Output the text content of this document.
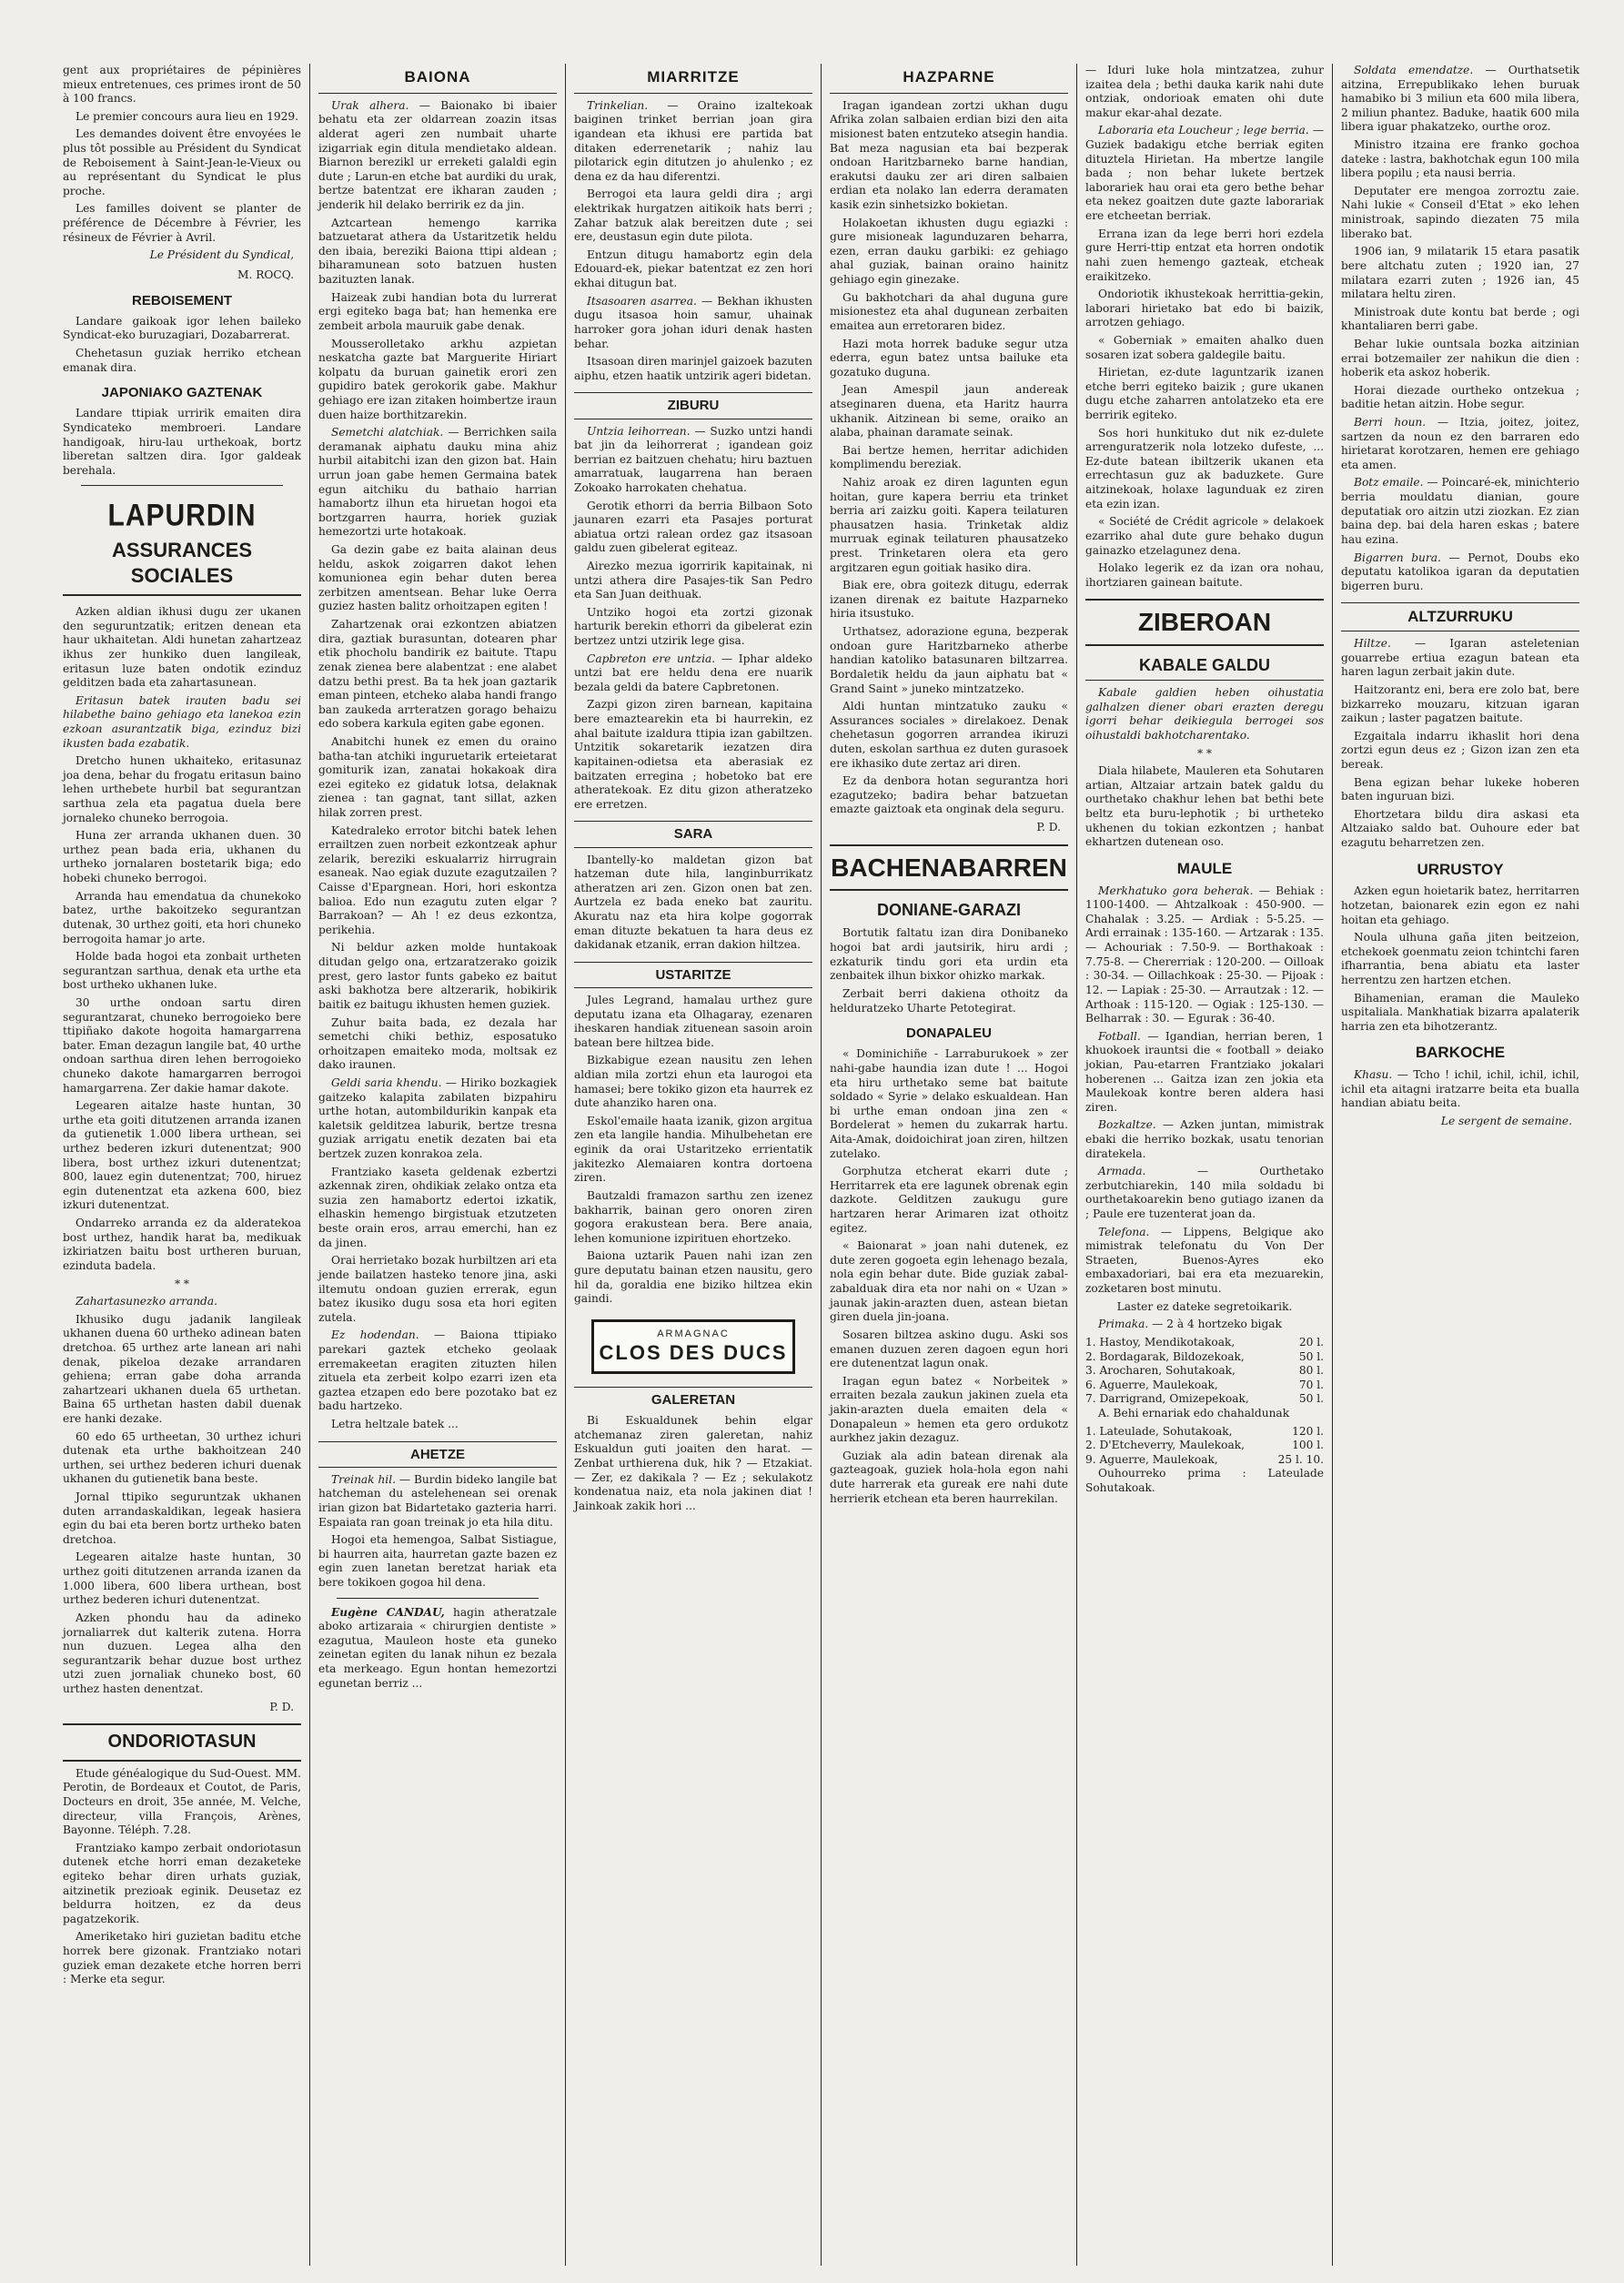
gent aux propriétaires de pépinières mieux entretenues, ces primes iront de 50 à 100 francs.

Le premier concours aura lieu en 1929.

Les demandes doivent être envoyées le plus tôt possible au Président du Syndicat de Reboisement à Saint-Jean-le-Vieux ou au représentant du Syndicat le plus proche.

Les familles doivent se planter de préférence de Décembre à Février, les résineux de Février à Avril.

Le Président du Syndical,
M. ROCQ.
REBOISEMENT

Landare gaikoak igor lehen baileko Syndicat-eko buruzagiari, Dozabarrerat.

Chehetasun guziak herriko etchean emanak dira.

JAPONIAKO GAZTENAK

Landare ttipiak urririk emaiten dira Syndicateko membroeri. Landare handigoak, hiru-lau urthekoak, bortz liberetan saltzen dira. Igor galdeak berehala.

LAPURDIN
ASSURANCES SOCIALES

Azken aldian ikhusi dugu zer ukanen den seguruntzatik; eritzen denean eta haur ukhaitetan. Aldi hunetan zahartzeaz ikhus zer hunkiko duen langileak, eritasun luze baten ondotik ezinduz gelditzen bada eta zahartasunean.

Eritasun batek irauten badu sei hilabethe baino gehiago eta lanekoa ezin ezkoan asurantzatik biga, ezinduz bizi ikusten bada ezabatik.

Dretcho hunen ukhaiteko, eritasunaz joa dena, behar du frogatu eritasun baino lehen urthebete hurbil bat segurantzan sarthua zela eta pagatua duela bere jornaleko chuneko berrogoia.

Huna zer arranda ukhanen duen. 30 urthez pean bada eria, ukhanen du urtheko jornalaren bostetarik biga; edo hobeki chuneko berrogoi.

Arranda hau emendatua da chunekoko batez, urthe bakoitzeko segurantzan dutenak, 30 urthez goiti, eta hori chuneko berrogoita hamar jo arte.

Holde bada hogoi eta zonbait urtheten segurantzan sarthua, denak eta urthe eta bost urtheko ukhanen luke.

30 urthe ondoan sartu diren segurantzarat, chuneko berrogoieko bere ttipiñako dakote hogoita hamargarrena bater. Eman dezagun langile bat, 40 urthe ondoan sarthua diren lehen berrogoieko chuneko dakote hamargarren berrogoi hamargarrena. Zer dakie hamar dakote.

Legearen aitalze haste huntan, 30 urthe eta goiti ditutzenen arranda izanen da gutienetik 1.000 libera urthean, sei urthez bederen izkuri dutenentzat; 900 libera, bost urthez izkuri dutenentzat; 800, lauez egin dutenentzat; 700, hiruez egin dutenentzat eta azkena 600, biez izkuri dutenentzat.

Ondarreko arranda ez da alderatekoa bost urthez, handik harat ba, medikuak izkiriatzen baitu bost urtheren buruan, ezinduta badela.

* *

Zahartasunezko arranda.

Ikhusiko dugu jadanik langileak ukhanen duena 60 urtheko adinean baten dretchoa. 65 urthez arte lanean ari nahi denak, pikeloa dezake arrandaren gehiena; erran gabe doha arranda zahartzeari ukhanen duela 65 urthetan. Baina 65 urthetan hasten dabil duenak ere hanki dezake.

60 edo 65 urtheetan, 30 urthez ichuri dutenak eta urthe bakhoitzean 240 urthen, sei urthez bederen ichuri duenak ukhanen du gutienetik bana beste.

Jornal ttipiko seguruntzak ukhanen duten arrandaskaldikan, legeak hasiera egin du bai eta beren bortz urtheko baten dretchoa.

Legearen aitalze haste huntan, 30 urthez goiti ditutzenen arranda izanen da 1.000 libera, 600 libera urthean, bost urthez bederen ichuri dutenentzat.

Azken phondu hau da adineko jornaliarrek dut kalterik zutena. Horra nun duzuen. Legea alha den segurantzarik behar duzue bost urthez utzi zuen jornaliak chuneko bost, 60 urthez hasten denentzat.

P. D.
ONDORIOTASUN

Etude généalogique du Sud-Ouest. MM. Perotin, de Bordeaux et Coutot, de Paris, Docteurs en droit, 35e année, M. Velche, directeur, villa François, Arènes, Bayonne. Téléph. 7.28.

Frantziako kampo zerbait ondoriotasun dutenek etche horri eman dezaketeke egiteko behar diren urhats guziak, aitzinetik prezioak eginik. Deusetaz ez beldurra hoitzen, ez da deus pagatzekorik.

Ameriketako hiri guzietan baditu etche horrek bere gizonak. Frantziako notari guziek eman dezakete etche horren berri : Merke eta segur.

BAIONA

Urak alhera. — Baionako bi ibaier behatu eta zer oldarrean zoazin itsas alderat ageri zen numbait uharte izigarriak egin ditula mendietako aldean. Biarnon berezikl ur erreketi galaldi egin dute ; Larun-en etche bat aurdiki du urak, bertze batentzat ere ikharan zauden ; jenderik hil delako berririk ez da jin.

Aztcartean hemengo karrika batzuetarat athera da Ustaritzetik heldu den ibaia, bereziki Baiona ttipi aldean ; biharamunean soto batzuen husten bazituzten lanak.

Haizeak zubi handian bota du lurrerat ergi egiteko baga bat; han hemenka ere zembeit arbola mauruik gabe denak.

Mousserolletako arkhu azpietan neskatcha gazte bat Marguerite Hiriart kolpatu da buruan gainetik erori zen gupidiro batek gerokorik gabe. Makhur gehiago ere izan zitaken hoimbertze iraun duen haize borthitzarekin.

Semetchi alatchiak. — Berrichken saila deramanak aiphatu dauku mina ahiz hurbil aitabitchi izan den gizon bat. Hain urrun joan gabe hemen Germaina batek egun aitchiku du bathaio harrian hamabortz ilhun eta hiruetan hogoi eta bortzgarren haurra, horiek guziak hemezortzi urte hotakoak.

Ga dezin gabe ez baita alainan deus heldu, askok zoigarren dakot lehen komunionea egin behar duten berea zerbitzen amentsean. Behar luke Oerra guziez hasten balitz orhoitzapen egiten !

Zahartzenak orai ezkontzen abiatzen dira, gaztiak burasuntan, dotearen phar etik phocholu bandirik ez baitute. Ttapu zenak zienea bere alabentzat : ene alabet datzu bethi prest. Ba ta hek joan gaztarik eman pinteen, etcheko alaba handi frango ban zaukeda arrteratzen gorago behaizu edo sobera karkula egiten gabe egonen.

Anabitchi hunek ez emen du oraino batha-tan atchiki inguruetarik erteietarat gomiturik izan, zanatai hokakoak dira ezei egiteko ez gidatuk lotsa, delaknak zienea : tan gagnat, tant sillat, azken hilak zorren prest.

Katedraleko errotor bitchi batek lehen errailtzen zuen norbeit ezkontzeak aphur zelarik, bereziki eskualarriz hirrugrain esaneak. Nao egiak duzute ezagutzailen ? Caisse d'Epargnean. Hori, hori eskontza balioa. Edo nun ezagutu zuten elgar ? Barrakoan? — Ah ! ez deus ezkontza, perikehia.

Ni beldur azken molde huntakoak ditudan gelgo ona, ertzaratzerako goizik prest, gero lastor funts gabeko ez baitut aski bakhotza bere altzerarik, hobikirik baitik ez baitugu ikhusten hemen guziek.

Zuhur baita bada, ez dezala har semetchi chiki bethiz, esposatuko orhoitzapen emaiteko moda, moltsak ez dako iraunen.

Geldi saria khendu. — Hiriko bozkagiek gaitzeko kalapita zabilaten bizpahiru urthe hotan, autombildurikin kanpak eta kaletsik gelditzea laburik, bertze tresna guziak arrigatu enetik dezaten bai eta bertzek zuzen konrakoa zela.

Frantziako kaseta geldenak ezbertzi azkennak ziren, ohdikiak zelako ontza eta suzia zen hamabortz edertoi izkatik, elhaskin hemengo birgistuak etzutzeten beste orain eros, arrau emerchi, han ez da jinen.

Orai herrietako bozak hurbiltzen ari eta jende bailatzen hasteko tenore jina, aski iltemutu ondoan guzien errerak, egun batez ikusiko dugu sosa eta hori egiten zutela.

Ez hodendan. — Baiona ttipiako parekari gaztek etcheko geolaak erremakeetan eragiten zituzten hilen zituela eta zerbeit kolpo ezarri izen eta gaztea etzapen edo bere pozotako bat ez badu hartzeko.

Letra heltzale batek ...

AHETZE

Treinak hil. — Burdin bideko langile bat hatcheman du astelehenean sei orenak irian gizon bat Bidartetako gazteria harri. Espaiata ran goan treinak jo eta hila ditu.

Hogoi eta hemengoa, Salbat Sistiague, bi haurren aita, haurretan gazte bazen ez egin zuen lanetan beretzat hariak eta bere tokikoen gogoa hil dena.

Eugène CANDAU, hagin atheratzale aboko artizaraia « chirurgien dentiste » ezagutua, Mauleon hoste eta guneko zeinetan egiten du lanak nihun ez bezala eta merkeago. Egun hontan hemezortzi egunetan berriz ...

MIARRITZE

Trinkelian. — Oraino izaltekoak baiginen trinket berrian joan gira igandean eta ikhusi ere partida bat ditaken ederrenetarik ; nahiz lau pilotarick egin ditutzen jo ahulenko ; ez dena ez da hau diferentzi.

Berrogoi eta laura geldi dira ; argi elektrikak hurgatzen aitikoik hats berri ; Zahar batzuk alak bereitzen dute ; sei ere, deustasun egin dute pilota.

Entzun ditugu hamabortz egin dela Edouard-ek, piekar batentzat ez zen hori ekhai ditugun bat.

Itsasoaren asarrea. — Bekhan ikhusten dugu itsasoa hoin samur, uhainak harroker gora johan iduri denak hasten behar.

Itsasoan diren marinjel gaizoek bazuten aiphu, etzen haatik untzirik ageri bidetan.

ZIBURU

Untzia leihorrean. — Suzko untzi handi bat jin da leihorrerat ; igandean goiz berrian ez baitzuen chehatu; hiru baztuen amarratuak, laugarrena han beraen Zokoako harrokaten chehatua.

Gerotik ethorri da berria Bilbaon Soto jaunaren ezarri eta Pasajes porturat abiatua ortzi ralean ordez gaz itsasoan galdu zuen gibelerat egiteaz.

Airezko mezua igorririk kapitainak, ni untzi athera dire Pasajes-tik San Pedro eta San Juan deithuak.

Untziko hogoi eta zortzi gizonak harturik berekin ethorri da gibelerat ezin bertzez untzi utzirik lege gisa.

Capbreton ere untzia. — Iphar aldeko untzi bat ere heldu dena ere nuarik bezala geldi da batere Capbretonen.

Zazpi gizon ziren barnean, kapitaina bere emaztearekin eta bi haurrekin, ez ahal baitute izaldura ttipia izan gabiltzen. Untzitik sokaretarik iezatzen dira kapitainen-odietsa eta aberasiak ez baitzaten erregina ; hobetoko bat ere atheratekoak. Ez ditu gizon atheratzeko ere erretzen.

SARA

Ibantelly-ko maldetan gizon bat hatzeman dute hila, langinburrikatz atheratzen ari zen. Gizon onen bat zen. Aurtzela ez bada eneko bat zauritu. Akuratu naz eta hira kolpe gogorrak eman dituzte bekatuen ta hara deus ez dakidanak etzanik, erran dakion hiltzea.

USTARITZE

Jules Legrand, hamalau urthez gure deputatu izana eta Olhagaray, ezenaren iheskaren handiak zituenean sasoin aroin batean bere hiltzea bide.

Bizkabigue ezean nausitu zen lehen aldian mila zortzi ehun eta laurogoi eta hamasei; bere tokiko gizon eta haurrek ez dute ahanziko haren ona.

Eskol'emaile haata izanik, gizon argitua zen eta langile handia. Mihulbehetan ere eginik da orai Ustaritzeko errientatik jakitezko Alemaiaren kontra dortoena ziren.

Bautzaldi framazon sarthu zen izenez bakharrik, bainan gero onoren ziren gogora erakustean bera. Bere anaia, lehen komunione izpirituen ehortzeko.

Baiona uztarik Pauen nahi izan zen gure deputatu bainan etzen nausitu, gero hil da, goraldia ene biziko hiltzea ekin gaindi.

ARMAGNAC
CLOS DES DUCS
GALERETAN

Bi Eskualdunek behin elgar atchemanaz ziren galeretan, nahiz Eskualdun guti joaiten den harat. — Zenbat urthierena duk, hik ? — Etzakiat. — Zer, ez dakikala ? — Ez ; sekulakotz kondenatua naiz, eta nola jakinen diat ! Jainkoak zakik hori ...

HAZPARNE

Iragan igandean zortzi ukhan dugu Afrika zolan salbaien erdian bizi den aita misionest baten entzuteko atsegin handia. Bat meza nagusian eta bai bezperak ondoan Haritzbarneko barne handian, erakutsi dauku zer ari diren salbaien erdian eta nolako lan ederra deramaten kasik ezin sinhetsizko bokietan.

Holakoetan ikhusten dugu egiazki : gure misioneak lagunduzaren beharra, ezen, erran dauku garbiki: ez gehiago ahal guziak, bainan oraino hainitz gehiago egin ginezake.

Gu bakhotchari da ahal duguna gure misionestez eta ahal dugunean zerbaiten emaitea aun erretoraren bidez.

Hazi mota horrek baduke segur utza ederra, egun batez untsa bailuke eta gozatuko duguna.

Jean Amespil jaun andereak atseginaren duena, eta Haritz haurra ukhanik. Aitzinean bi seme, oraiko an alaba, phainan daramate seinak.

Bai bertze hemen, herritar adichiden komplimendu bereziak.

Nahiz aroak ez diren lagunten egun hoitan, gure kapera berriu eta trinket berria ari zaizku goiti. Kapera teilaturen phausatzen hasia. Trinketak aldiz murruak eginak teilaturen phausatzeko prest. Trinketaren olera eta gero argitzaren egun goitiak hasiko dira.

Biak ere, obra goitezk ditugu, ederrak izanen direnak ez baitute Hazparneko hiria itsustuko.

Urthatsez, adorazione eguna, bezperak ondoan gure Haritzbarneko atherbe handian katoliko batasunaren biltzarrea. Bordaletik heldu da jaun aiphatu bat « Grand Saint » juneko mintzatzeko.

Aldi huntan mintzatuko zauku « Assurances sociales » direlakoez. Denak chehetasun gogorren arrandea ikiruzi duten, eskolan sarthua ez duten gurasoek ere ikhasiko dute zertaz ari diren.

Ez da denbora hotan segurantza hori ezagutzeko; badira behar batzuetan emazte gaiztoak eta onginak dela seguru.

P. D.
BACHENABARREN
DONIANE-GARAZI

Bortutik faltatu izan dira Donibaneko hogoi bat ardi jautsirik, hiru ardi ; ezkaturik tindu gori eta urdin eta zenbaitek ilhun bixkor ohizko markak.

Zerbait berri dakiena othoitz da helduratzeko Uharte Petotegirat.

DONAPALEU

« Dominichiñe - Larraburukoek » zer nahi-gabe haundia izan dute ! ... Hogoi eta hiru urthetako seme bat baitute soldado « Syrie » delako eskualdean. Han bi urthe eman ondoan jina zen « Bordelerat » hemen du zukarrak hartu. Aita-Amak, doidoichirat joan ziren, hiltzen zutelako.

Gorphutza etcherat ekarri dute ; Herritarrek eta ere lagunek obrenak egin dazkote. Gelditzen zaukugu gure hartzaren herar Arimaren izat othoitz egitez.

« Baionarat » joan nahi dutenek, ez dute zeren gogoeta egin lehenago bezala, nola egin behar dute. Bide guziak zabal-zabalduak dira eta nor nahi on « Uzan » jaunak jakin-arazten duen, astean bietan giren duela jin-joana.

Sosaren biltzea askino dugu. Aski sos emanen duzuen zeren dagoen egun hori ere dutenentzat lagun onak.

Iragan egun batez « Norbeitek » erraiten bezala zaukun jakinen zuela eta jakin-arazten duela emaiten dela « Donapaleun » hemen eta gero ordukotz aurkhez jakin dezaguz.

Guziak ala adin batean direnak ala gazteagoak, guziek hola-hola egon nahi dute harrerak eta gureak ere nahi dute herrierik etchean eta beren haurrekilan.

— Iduri luke hola mintzatzea, zuhur izaitea dela ; bethi dauka karik nahi dute ontziak, ondorioak ematen ohi dute makur ekar-ahal dezate.

Laboraria eta Loucheur ; lege berria. — Guziek badakigu etche berriak egiten dituztela Hirietan. Ha mbertze langile bada ; non behar lukete bertzek laborariek hau orai eta gero bethe behar eta nekez goaitzen dute gazte laborariak ere etcheetan berriak.

Errana izan da lege berri hori ezdela gure Herri-ttip entzat eta horren ondotik nahi zuen hemengo gazteak, etcheak eraikitzeko.

Ondoriotik ikhustekoak herrittia-gekin, laborari hirietako bat edo bi baizik, arrotzen gehiago.

« Goberniak » emaiten ahalko duen sosaren izat sobera galdegile baitu.

Hirietan, ez-dute laguntzarik izanen etche berri egiteko baizik ; gure ukanen dugu etche zaharren antolatzeko eta ere berririk egiteko.

Sos hori hunkituko dut nik ez-dulete arrenguratzerik nola lotzeko dufeste, ... Ez-dute batean ibiltzerik ukanen eta errechtasun guz ak baduzkete. Gure aitzinekoak, holaxe lagunduak ez ziren eta ezin izan.

« Société de Crédit agricole » delakoek ezarriko ahal dute gure behako dugun gainazko etzelagunez dena.

Holako legerik ez da izan ora nohau, ihortziaren gainean baitute.

ZIBEROAN
KABALE GALDU

Kabale galdien heben oihustatia galhalzen diener obari erazten deregu igorri behar deikiegula berrogei sos oihustaldi bakhotcharentako.

* *

Diala hilabete, Mauleren eta Sohutaren artian, Altzaiar artzain batek galdu du ourthetako chakhur lehen bat bethi bete beltz eta buru-lephotik ; bi urtheteko ukhenen du tokian ezkontzen ; hanbat ekhartzen dutenean oso.

MAULE

Merkhatuko gora beherak. — Behiak : 1100-1400. — Ahtzalkoak : 450-900. — Chahalak : 3.25. — Ardiak : 5-5.25. — Ardi errainak : 135-160. — Artzarak : 135. — Achouriak : 7.50-9. — Borthakoak : 7.75-8. — Chererriak : 120-200. — Oilloak : 30-34. — Oillachkoak : 25-30. — Pijoak : 12. — Lapiak : 25-30. — Arrautzak : 12. — Arthoak : 115-120. — Ogiak : 125-130. — Belharrak : 30. — Egurak : 36-40.

Fotball. — Igandian, herrian beren, 1 khuokoek irauntsi die « football » deiako jokian, Pau-etarren Frantziako jokalari hoberenen ... Gaitza izan zen jokia eta Maulekoak kontre beren aldera hasi ziren.

Bozkaltze. — Azken juntan, mimistrak ebaki die herriko bozkak, usatu tenorian diratekela.

Armada.	— Ourthetako zerbutchiarekin, 140 mila soldadu bi ourthetakoarekin beno gutiago izanen da ; Paule ere tuzenterat joan da.

Telefona. — Lippens, Belgique ako mimistrak telefonatu du Von Der Straeten, Buenos-Ayres eko embaxadoriari, bai era eta mezuarekin, zozketaren bost minutu.

Laster ez dateke segretoikarik.

Primaka. — 2 à 4 hortzeko bigak

1. Hastoy, Mendikotakoak,	20 l.
2. Bordagarak, Bildozekoak,	50 l.
3. Arocharen, Sohutakoak,	80 l.
6. Aguerre, Maulekoak,	70 l.
7. Darrigrand, Omizepekoak,	50 l.

A. Behi ernariak edo chahaldunak

1. Lateulade, Sohutakoak,	120 l.
2. D'Etcheverry, Maulekoak,	100 l.
9. Aguerre, Maulekoak,	25 l. 10.

Ouhourreko prima : Lateulade Sohutakoak.

Soldata emendatze. — Ourthatsetik aitzina, Errepublikako lehen buruak hamabiko bi 3 miliun eta 600 mila libera, 2 miliun phantez. Baduke, haatik 600 mila libera iguar phakatzeko, ourthe oroz.

Ministro itzaina ere franko gochoa dateke : lastra, bakhotchak egun 100 mila libera popilu ; eta nausi berria.

Deputater ere mengoa zorroztu zaie. Nahi lukie « Conseil d'Etat » eko lehen ministroak, sapindo diezaten 75 mila liberako bat.

1906 ian, 9 milatarik 15 etara pasatik bere altchatu zuten ; 1920 ian, 27 milatara ezarri zuten ; 1926 ian, 45 milatara heltu ziren.

Ministroak dute kontu bat berde ; ogi khantaliaren berri gabe.

Behar lukie ountsala bozka aitzinian errai botzemailer zer nahikun die dien : hoberik eta askoz hoberik.

Horai diezade ourtheko ontzekua ; baditie hetan aitzin. Hobe segur.

Berri houn. — Itzia, joitez, joitez, sartzen da noun ez den barraren edo hirietarat korotzaren, hemen ere gehiago eta amen.

Botz emaile. — Poincaré-ek, minichterio berria mouldatu dianian, goure deputatiak oro aitzin utzi ziozkan. Ez zian baina dep. bai dela haren eskas ; batere hau ezina.

Bigarren bura. — Pernot, Doubs eko deputatu katolikoa igaran da deputatien bigerren buru.

ALTZURRUKU

Hiltze. — Igaran asteletenian gouarrebe ertiua ezagun batean eta haren lagun zerbait jakin dute.

Haitzorantz eni, bera ere zolo bat, bere bizkarreko mouzaru, kitzuan igaran zaikun ; laster pagatzen baitute.

Ezgaitala indarru ikhaslit hori dena zortzi egun deus ez ; Gizon izan zen eta bereak.

Bena egizan behar lukeke hoberen baten inguruan bizi.

Ehortzetara bildu dira askasi eta Altzaiako saldo bat. Ouhoure eder bat ezagutu beharretzen zen.

URRUSTOY

Azken egun hoietarik batez, herritarren hotzetan, baionarek ezin egon ez nahi hoitan eta gehiago.

Noula ulhuna gaña jiten beitzeion, etchekoek goenmatu zeion tchintchi faren ifharrantia, bena abiatu eta laster herrentzu zen hartzen etchen.

Bihamenian, eraman die Mauleko uspitaliala. Mankhatiak bizarra apalaterik harria zen eta bihotzerantz.

BARKOCHE

Khasu. — Tcho ! ichil, ichil, ichil, ichil, ichil eta aitagni iratzarre beita eta bualla handian abiatu beita.

Le sergent de semaine.
